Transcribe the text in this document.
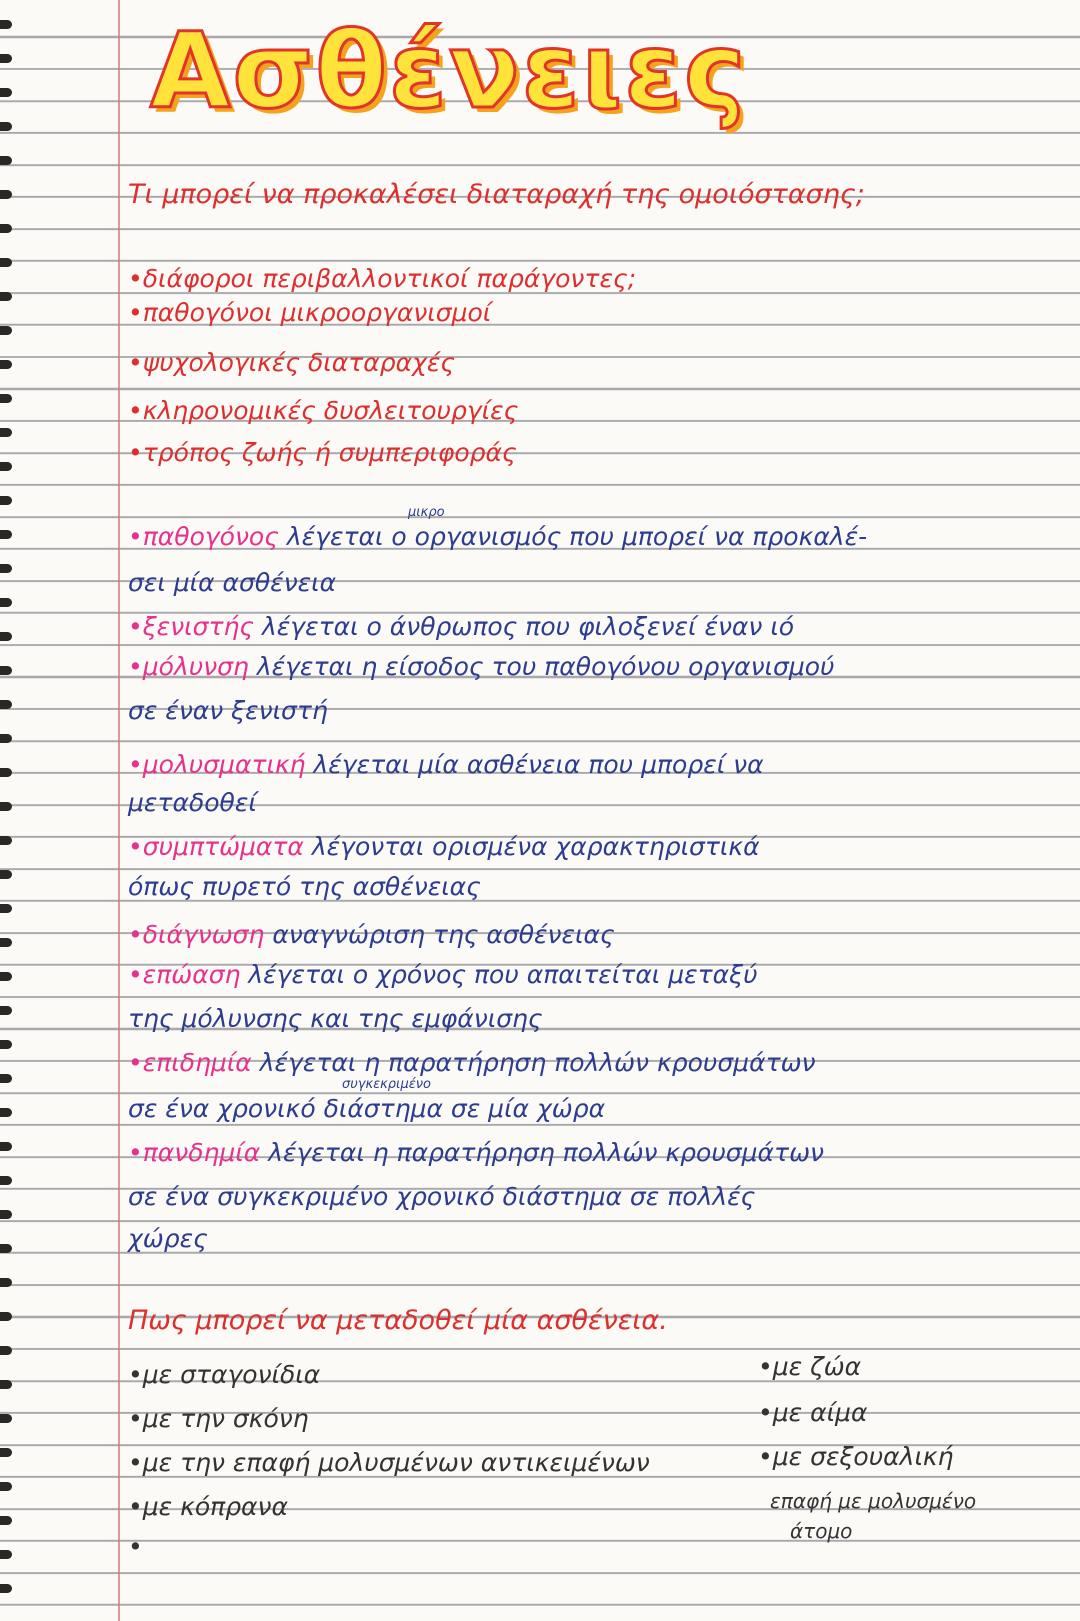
Ασθένειες
Τι μπορεί να προκαλέσει διαταραχή της ομοιόστασης;
•διάφοροι περιβαλλοντικοί παράγοντες;
•παθογόνοι μικροοργανισμοί
•ψυχολογικές διαταραχές
•κληρονομικές δυσλειτουργίες
•τρόπος ζωής ή συμπεριφοράς
•παθογόνος λέγεται ο οργανισμός που μπορεί να προκαλέ-
μικρο
σει μία ασθένεια
•ξενιστής λέγεται ο άνθρωπος που φιλοξενεί έναν ιό
•μόλυνση λέγεται η είσοδος του παθογόνου οργανισμού
σε έναν ξενιστή
•μολυσματική λέγεται μία ασθένεια που μπορεί να
μεταδοθεί
•συμπτώματα λέγονται ορισμένα χαρακτηριστικά
όπως πυρετό της ασθένειας
•διάγνωση αναγνώριση της ασθένειας
•επώαση λέγεται ο χρόνος που απαιτείται μεταξύ
της μόλυνσης και της εμφάνισης
•επιδημία λέγεται η παρατήρηση πολλών κρουσμάτων
συγκεκριμένο
σε ένα χρονικό διάστημα σε μία χώρα
•πανδημία λέγεται η παρατήρηση πολλών κρουσμάτων
σε ένα συγκεκριμένο χρονικό διάστημα σε πολλές
χώρες
Πως μπορεί να μεταδοθεί μία ασθένεια.
•με σταγονίδια
•με την σκόνη
•με την επαφή μολυσμένων αντικειμένων
•με κόπρανα
•
•με ζώα
•με αίμα
•με σεξουαλική
επαφή με μολυσμένο
άτομο
